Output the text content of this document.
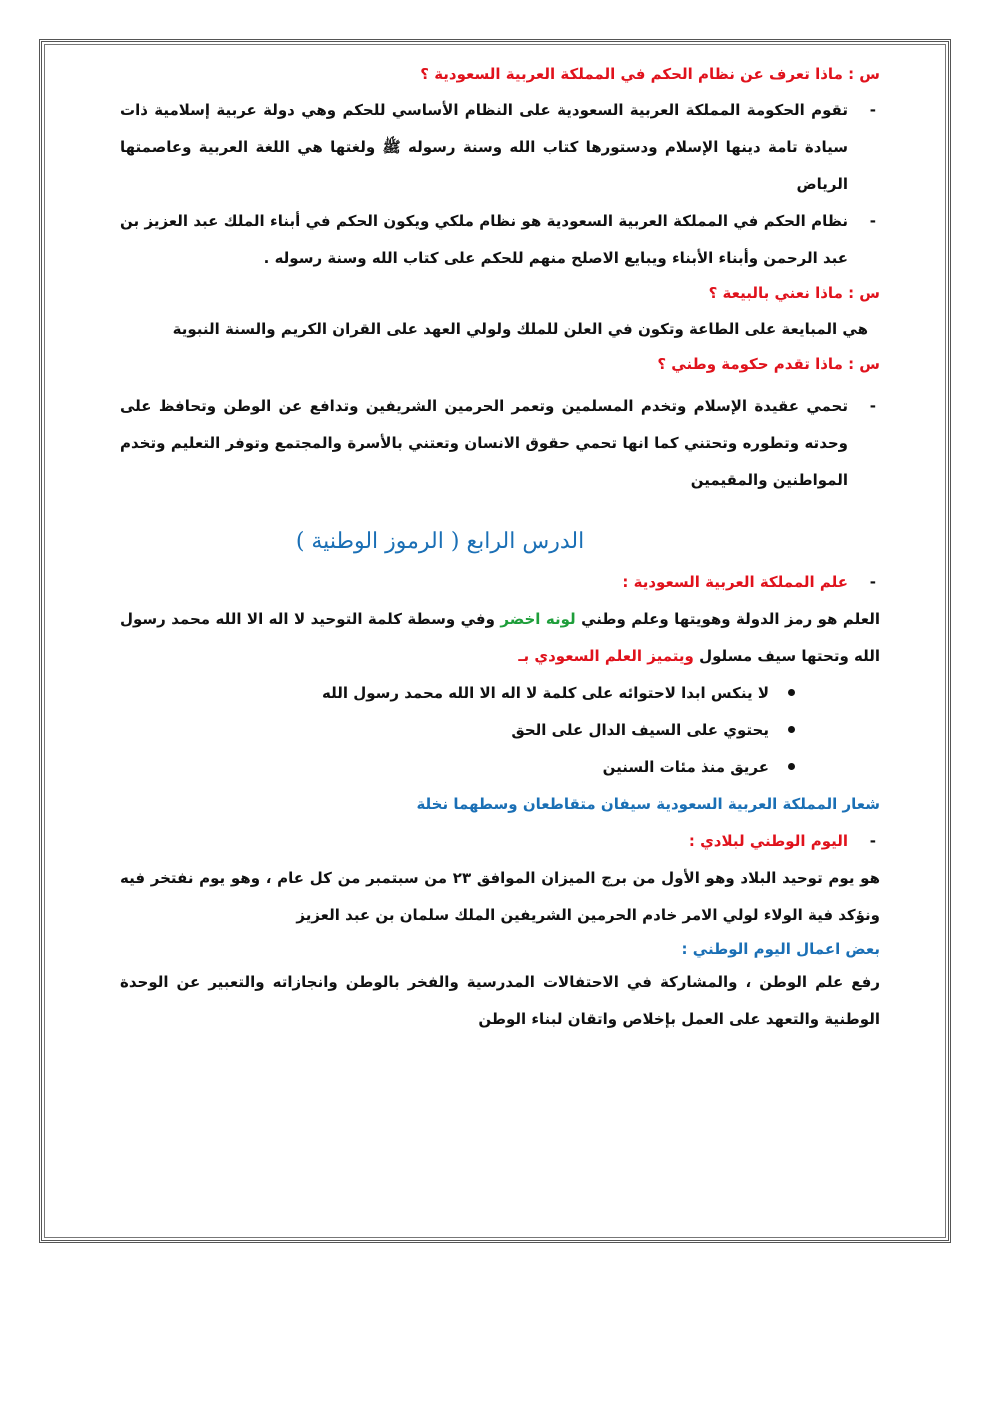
س : ماذا تعرف عن نظام الحكم في المملكة العربية السعودية ؟

-
تقوم الحكومة المملكة العربية السعودية على النظام الأساسي للحكم وهي دولة عربية إسلامية ذات سيادة تامة دينها الإسلام ودستورها كتاب الله وسنة رسوله ﷺ ولغتها هي اللغة العربية وعاصمتها الرياض

-
نظام الحكم في المملكة العربية السعودية هو نظام ملكي ويكون الحكم في أبناء الملك عبد العزيز بن عبد الرحمن وأبناء الأبناء ويبايع الاصلح منهم للحكم على كتاب الله وسنة رسوله .

س : ماذا نعني بالبيعة ؟

هي المبايعة على الطاعة وتكون في العلن للملك ولولي العهد على القران الكريم والسنة النبوية

س : ماذا تقدم حكومة وطني ؟

-
تحمي عقيدة الإسلام وتخدم المسلمين وتعمر الحرمين الشريفين وتدافع عن الوطن وتحافظ على وحدته وتطوره وتحتني كما انها تحمي حقوق الانسان وتعتني بالأسرة والمجتمع وتوفر التعليم وتخدم المواطنين والمقيمين

الدرس الرابع ( الرموز الوطنية )

-
علم المملكة العربية السعودية :

العلم هو رمز الدولة وهويتها وعلم وطني لونه اخضر وفي وسطة كلمة التوحيد لا اله الا الله محمد رسول الله وتحتها سيف مسلول ويتميز العلم السعودي بـ

لا ينكس ابدا لاحتوائه على كلمة لا اله الا الله محمد رسول الله
يحتوي على السيف الدال على الحق
عريق منذ مئات السنين

شعار المملكة العربية السعودية سيفان متقاطعان وسطهما نخلة

-
اليوم الوطني لبلادي :

هو يوم توحيد البلاد وهو الأول من برج الميزان الموافق ٢٣ من سبتمبر من كل عام ، وهو يوم نفتخر فيه ونؤكد فية الولاء لولي الامر خادم الحرمين الشريفين الملك سلمان بن عبد العزيز

بعض اعمال اليوم الوطني :

رفع علم الوطن ، والمشاركة في الاحتفالات المدرسية والفخر بالوطن وانجازاته والتعبير عن الوحدة الوطنية والتعهد على العمل بإخلاص واتقان لبناء الوطن
